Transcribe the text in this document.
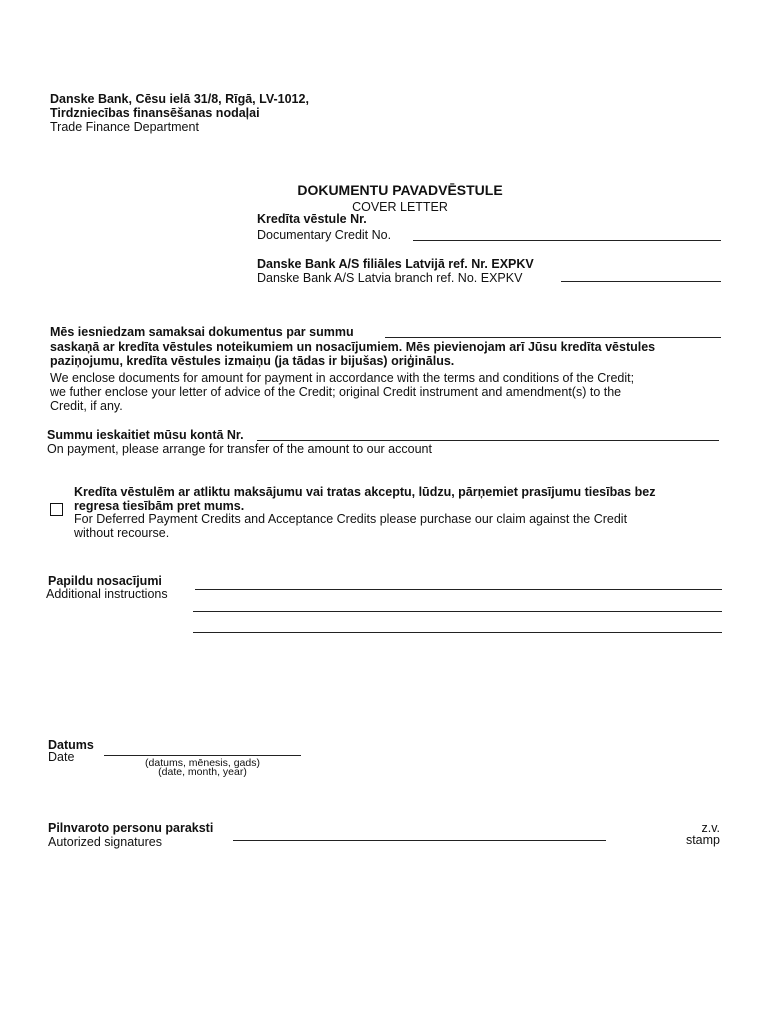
Danske Bank, Cēsu ielā 31/8, Rīgā, LV-1012,
Tirdzniecības finansēšanas nodaļai
Trade Finance Department
DOKUMENTU PAVADVĒSTULE
COVER LETTER
Kredīta vēstule Nr.
Documentary Credit No.
Danske Bank A/S filiāles Latvijā ref. Nr. EXPKV
Danske Bank A/S Latvia branch ref. No. EXPKV
Mēs iesniedzam samaksai dokumentus par summu
saskaņā ar kredīta vēstules noteikumiem un nosacījumiem. Mēs pievienojam arī Jūsu kredīta vēstules
paziņojumu, kredīta vēstules izmaiņu (ja tādas ir bijušas) oriģinālus.
We enclose documents for amount for payment in accordance with the terms and conditions of the Credit;
we futher enclose your letter of advice of the Credit; original Credit instrument and amendment(s) to the
Credit, if any.
Summu ieskaitiet mūsu kontā Nr.
On payment, please arrange for transfer of the amount to our account
Kredīta vēstulēm ar atliktu maksājumu vai tratas akceptu, lūdzu, pārņemiet prasījumu tiesības bez
regresa tiesībām pret mums.
For Deferred Payment Credits and Acceptance Credits please purchase our claim against the Credit
without recourse.
Papildu nosacījumi
Additional instructions
Datums
Date	(datums, mēnesis, gads)
(date, month, year)
Pilnvaroto personu paraksti
Autorized signatures
z.v.
stamp
